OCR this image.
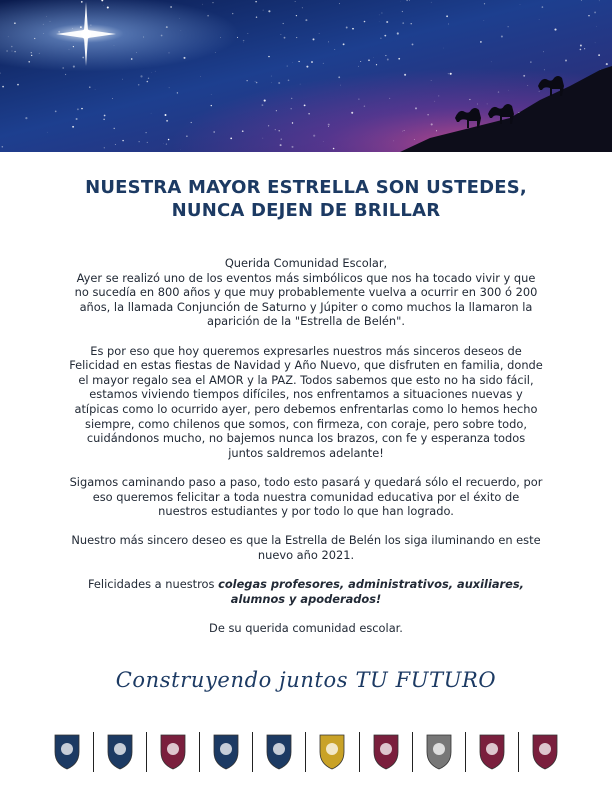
NUESTRA MAYOR ESTRELLA SON USTEDES,
NUNCA DEJEN DE BRILLAR

Querida Comunidad Escolar,
Ayer se realizó uno de los eventos más simbólicos que nos ha tocado vivir y que
no sucedía en 800 años y que muy probablemente vuelva a ocurrir en 300 ó 200
años, la llamada Conjunción de Saturno y Júpiter o como muchos la llamaron la
aparición de la "Estrella de Belén".

Es por eso que hoy queremos expresarles nuestros más sinceros deseos de
Felicidad en estas fiestas de Navidad y Año Nuevo, que disfruten en familia, donde
el mayor regalo sea el AMOR y la PAZ. Todos sabemos que esto no ha sido fácil,
estamos viviendo tiempos difíciles, nos enfrentamos a situaciones nuevas y
atípicas como lo ocurrido ayer, pero debemos enfrentarlas como lo hemos hecho
siempre, como chilenos que somos, con firmeza, con coraje, pero sobre todo,
cuidándonos mucho, no bajemos nunca los brazos, con fe y esperanza todos
juntos saldremos adelante!

Sigamos caminando paso a paso, todo esto pasará y quedará sólo el recuerdo, por
eso queremos felicitar a toda nuestra comunidad educativa por el éxito de
nuestros estudiantes y por todo lo que han logrado.

Nuestro más sincero deseo es que la Estrella de Belén los siga iluminando en este
nuevo año 2021.

Felicidades a nuestros colegas profesores, administrativos, auxiliares,
alumnos y apoderados!

De su querida comunidad escolar.

Construyendo juntos TU FUTURO
